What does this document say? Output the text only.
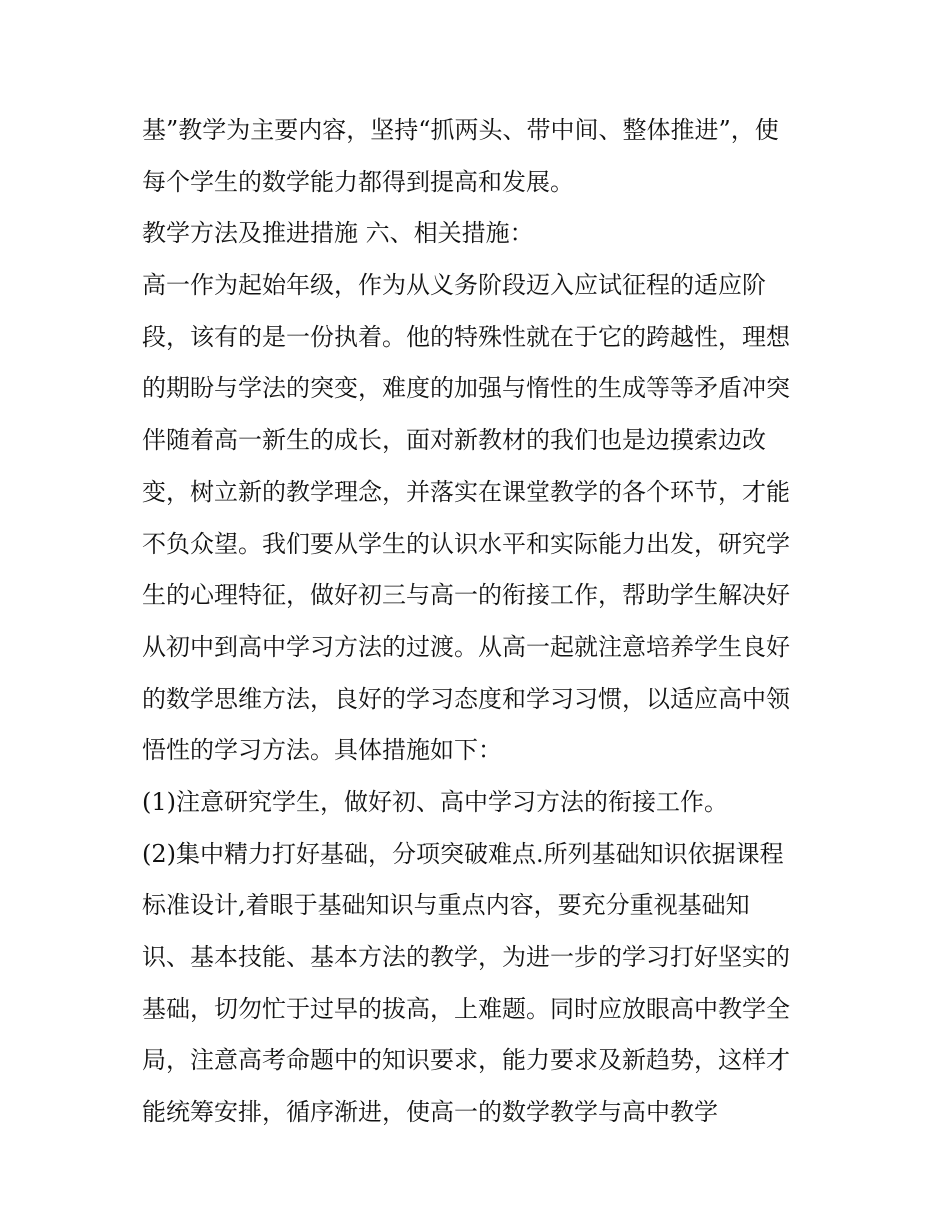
基”教学为主要内容，坚持“抓两头、带中间、整体推进”，使

每个学生的数学能力都得到提高和发展。

教学方法及推进措施 六、相关措施：

高一作为起始年级，作为从义务阶段迈入应试征程的适应阶

段，该有的是一份执着。他的特殊性就在于它的跨越性，理想

的期盼与学法的突变，难度的加强与惰性的生成等等矛盾冲突

伴随着高一新生的成长，面对新教材的我们也是边摸索边改

变，树立新的教学理念，并落实在课堂教学的各个环节，才能

不负众望。我们要从学生的认识水平和实际能力出发，研究学

生的心理特征，做好初三与高一的衔接工作，帮助学生解决好

从初中到高中学习方法的过渡。从高一起就注意培养学生良好

的数学思维方法，良好的学习态度和学习习惯，以适应高中领

悟性的学习方法。具体措施如下：

(1)注意研究学生，做好初、高中学习方法的衔接工作。

(2)集中精力打好基础，分项突破难点.所列基础知识依据课程

标准设计,着眼于基础知识与重点内容，要充分重视基础知

识、基本技能、基本方法的教学，为进一步的学习打好坚实的

基础，切勿忙于过早的拔高，上难题。同时应放眼高中教学全

局，注意高考命题中的知识要求，能力要求及新趋势，这样才

能统筹安排，循序渐进，使高一的数学教学与高中教学
